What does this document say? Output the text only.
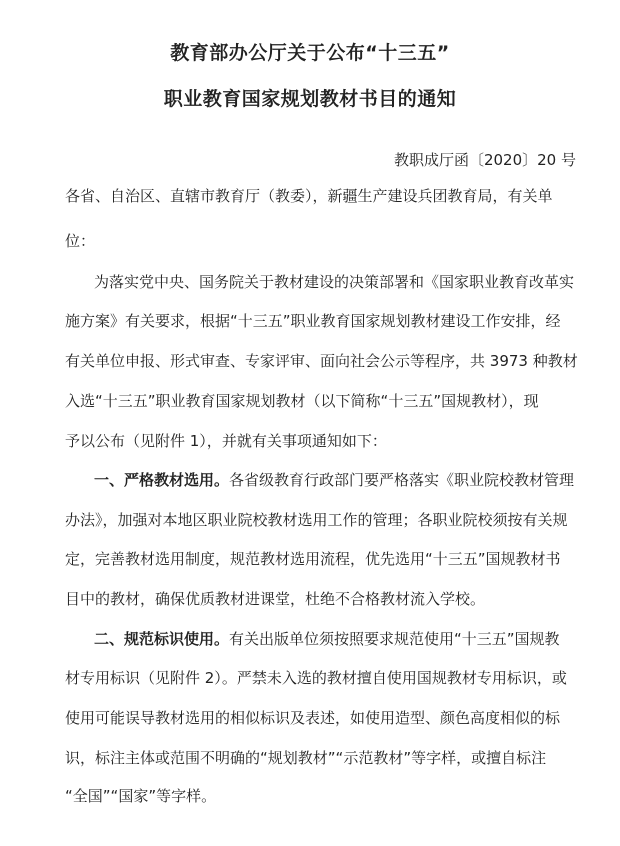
教育部办公厅关于公布“十三五”
职业教育国家规划教材书目的通知
教职成厅函〔2020〕20 号
各省、自治区、直辖市教育厅（教委），新疆生产建设兵团教育局，有关单
位：
为落实党中央、国务院关于教材建设的决策部署和《国家职业教育改革实
施方案》有关要求，根据“十三五”职业教育国家规划教材建设工作安排，经
有关单位申报、形式审查、专家评审、面向社会公示等程序，共 3973 种教材
入选“十三五”职业教育国家规划教材（以下简称“十三五”国规教材），现
予以公布（见附件 1），并就有关事项通知如下：
一、严格教材选用。各省级教育行政部门要严格落实《职业院校教材管理
办法》，加强对本地区职业院校教材选用工作的管理；各职业院校须按有关规
定，完善教材选用制度，规范教材选用流程，优先选用“十三五”国规教材书
目中的教材，确保优质教材进课堂，杜绝不合格教材流入学校。
二、规范标识使用。有关出版单位须按照要求规范使用“十三五”国规教
材专用标识（见附件 2）。严禁未入选的教材擅自使用国规教材专用标识，或
使用可能误导教材选用的相似标识及表述，如使用造型、颜色高度相似的标
识，标注主体或范围不明确的“规划教材”“示范教材”等字样，或擅自标注
“全国”“国家”等字样。
